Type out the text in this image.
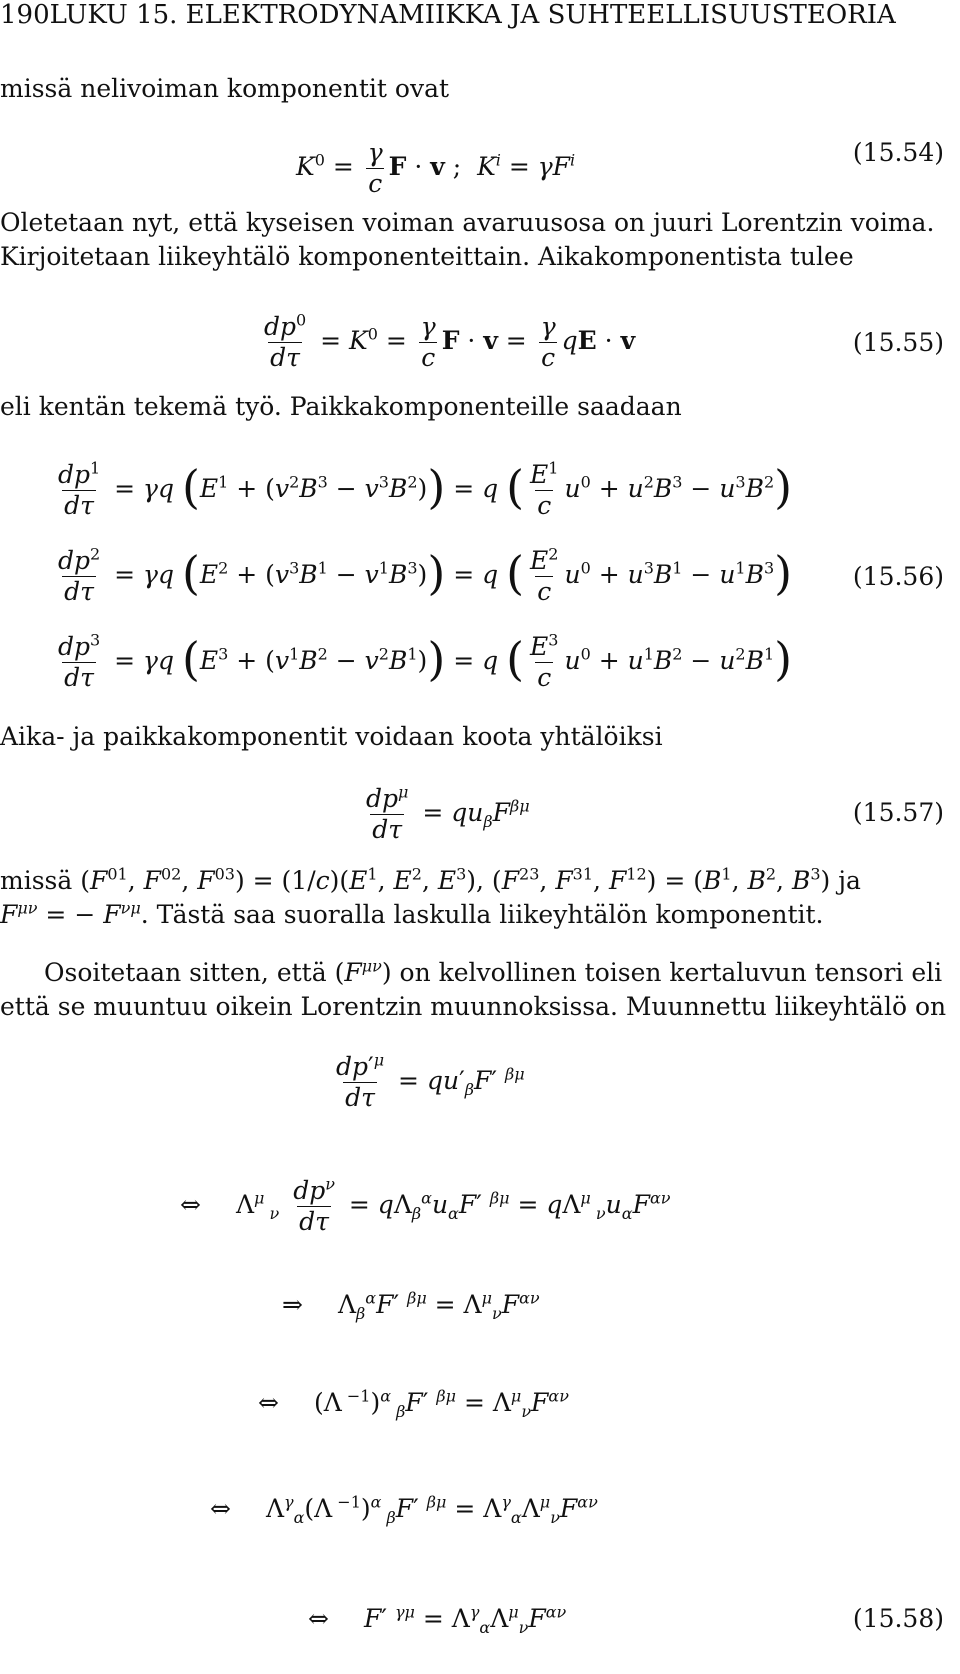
190LUKU 15. ELEKTRODYNAMIIKKA JA SUHTEELLISUUSTEORIA
missä nelivoiman komponentit ovat
$K^0 = \frac{\gamma}{c}$ F · v ;  $K^i = \gamma F^i$	(15.54)
Oletetaan nyt, että kyseisen voiman avaruusosa on juuri Lorentzin voima.
Kirjoitetaan liikeyhtälö komponenteittain. Aikakomponentista tulee
$\frac{dp^0}{d\tau} = K^0 = \frac{\gamma}{c}$ $F \cdot v = \frac{\gamma}{c}$ qE · v	(15.55)
eli kentän tekemä työ. Paikkakomponenteille saadaan
$\frac{dp^1}{d\tau} = \gamma q$ $(E^1 + (v^2B^3 - v^3B^2)) = q$ ( $\frac{E^1}{c} u^0 + u^2B^3 - u^3B^2$)
$\frac{dp^2}{d\tau} = \gamma q$ $(E^2 + (v^3B^1 - v^1B^3)) = q$ ( $\frac{E^2}{c} u^0 + u^3B^1 - u^1B^3$) (15.56)
$\frac{dp^3}{d\tau} = \gamma q$ $(E^3 + (v^1B^2 - v^2B^1)) = q$ ( $\frac{E^3}{c} u^0 + u^1B^2 - u^2B^1$)
Aika- ja paikkakomponentit voidaan koota yhtälöiksi
$\frac{dp^\mu}{d\tau} = qu_\beta F^{\beta\mu}$	(15.57)
missä ($F^{01}$, $F^{02}$, $F^{03}) = (1/c)(E^1$, $E^2$, $E^3$), ($F^{23}$, $F^{31}$, $F^{12}) = (B^1$, $B^2$, $B^3$) ja
$F^{\mu\nu}$ = − $F^{\nu\mu}$. Tästä saa suoralla laskulla liikeyhtälön komponentit.
Osoitetaan sitten, että $(F^{\mu\nu})$ on kelvollinen toisen kertaluvun tensori eli
että se muuntuu oikein Lorentzin muunnoksissa. Muunnettu liikeyhtälö on
$\frac{dp'^\mu}{d\tau} = qu'_\beta F'$ $^{\beta\mu}$
⇔ $\Lambda^\mu$ $_\nu \frac{dp^\nu}{d\tau} = q\Lambda_\beta^\alpha u_\alpha F'$ $^{\beta\mu} = q\Lambda^\mu$ $_\nu u_\alpha F^{\alpha\nu}$
⇒ $\Lambda_\beta^\alpha F'$ $^{\beta\mu} = \Lambda^\mu_\nu F^{\alpha\nu}$
⇔ (Λ $^{-1}$)$^\alpha$ $_\beta$F′ $^{\beta\mu} = \Lambda^\mu_\nu F^{\alpha\nu}$
⇔ $\Lambda^\gamma_\alpha(\Lambda$ $^{-1}$)$^\alpha$ $_\beta$F′ $^{\beta\mu} = \Lambda^\gamma_\alpha\Lambda^\mu_\nu F^{\alpha\nu}$
⇔ F′ $^{\gamma\mu} = \Lambda^\gamma_\alpha\Lambda^\mu_\nu F^{\alpha\nu}$	(15.58)
